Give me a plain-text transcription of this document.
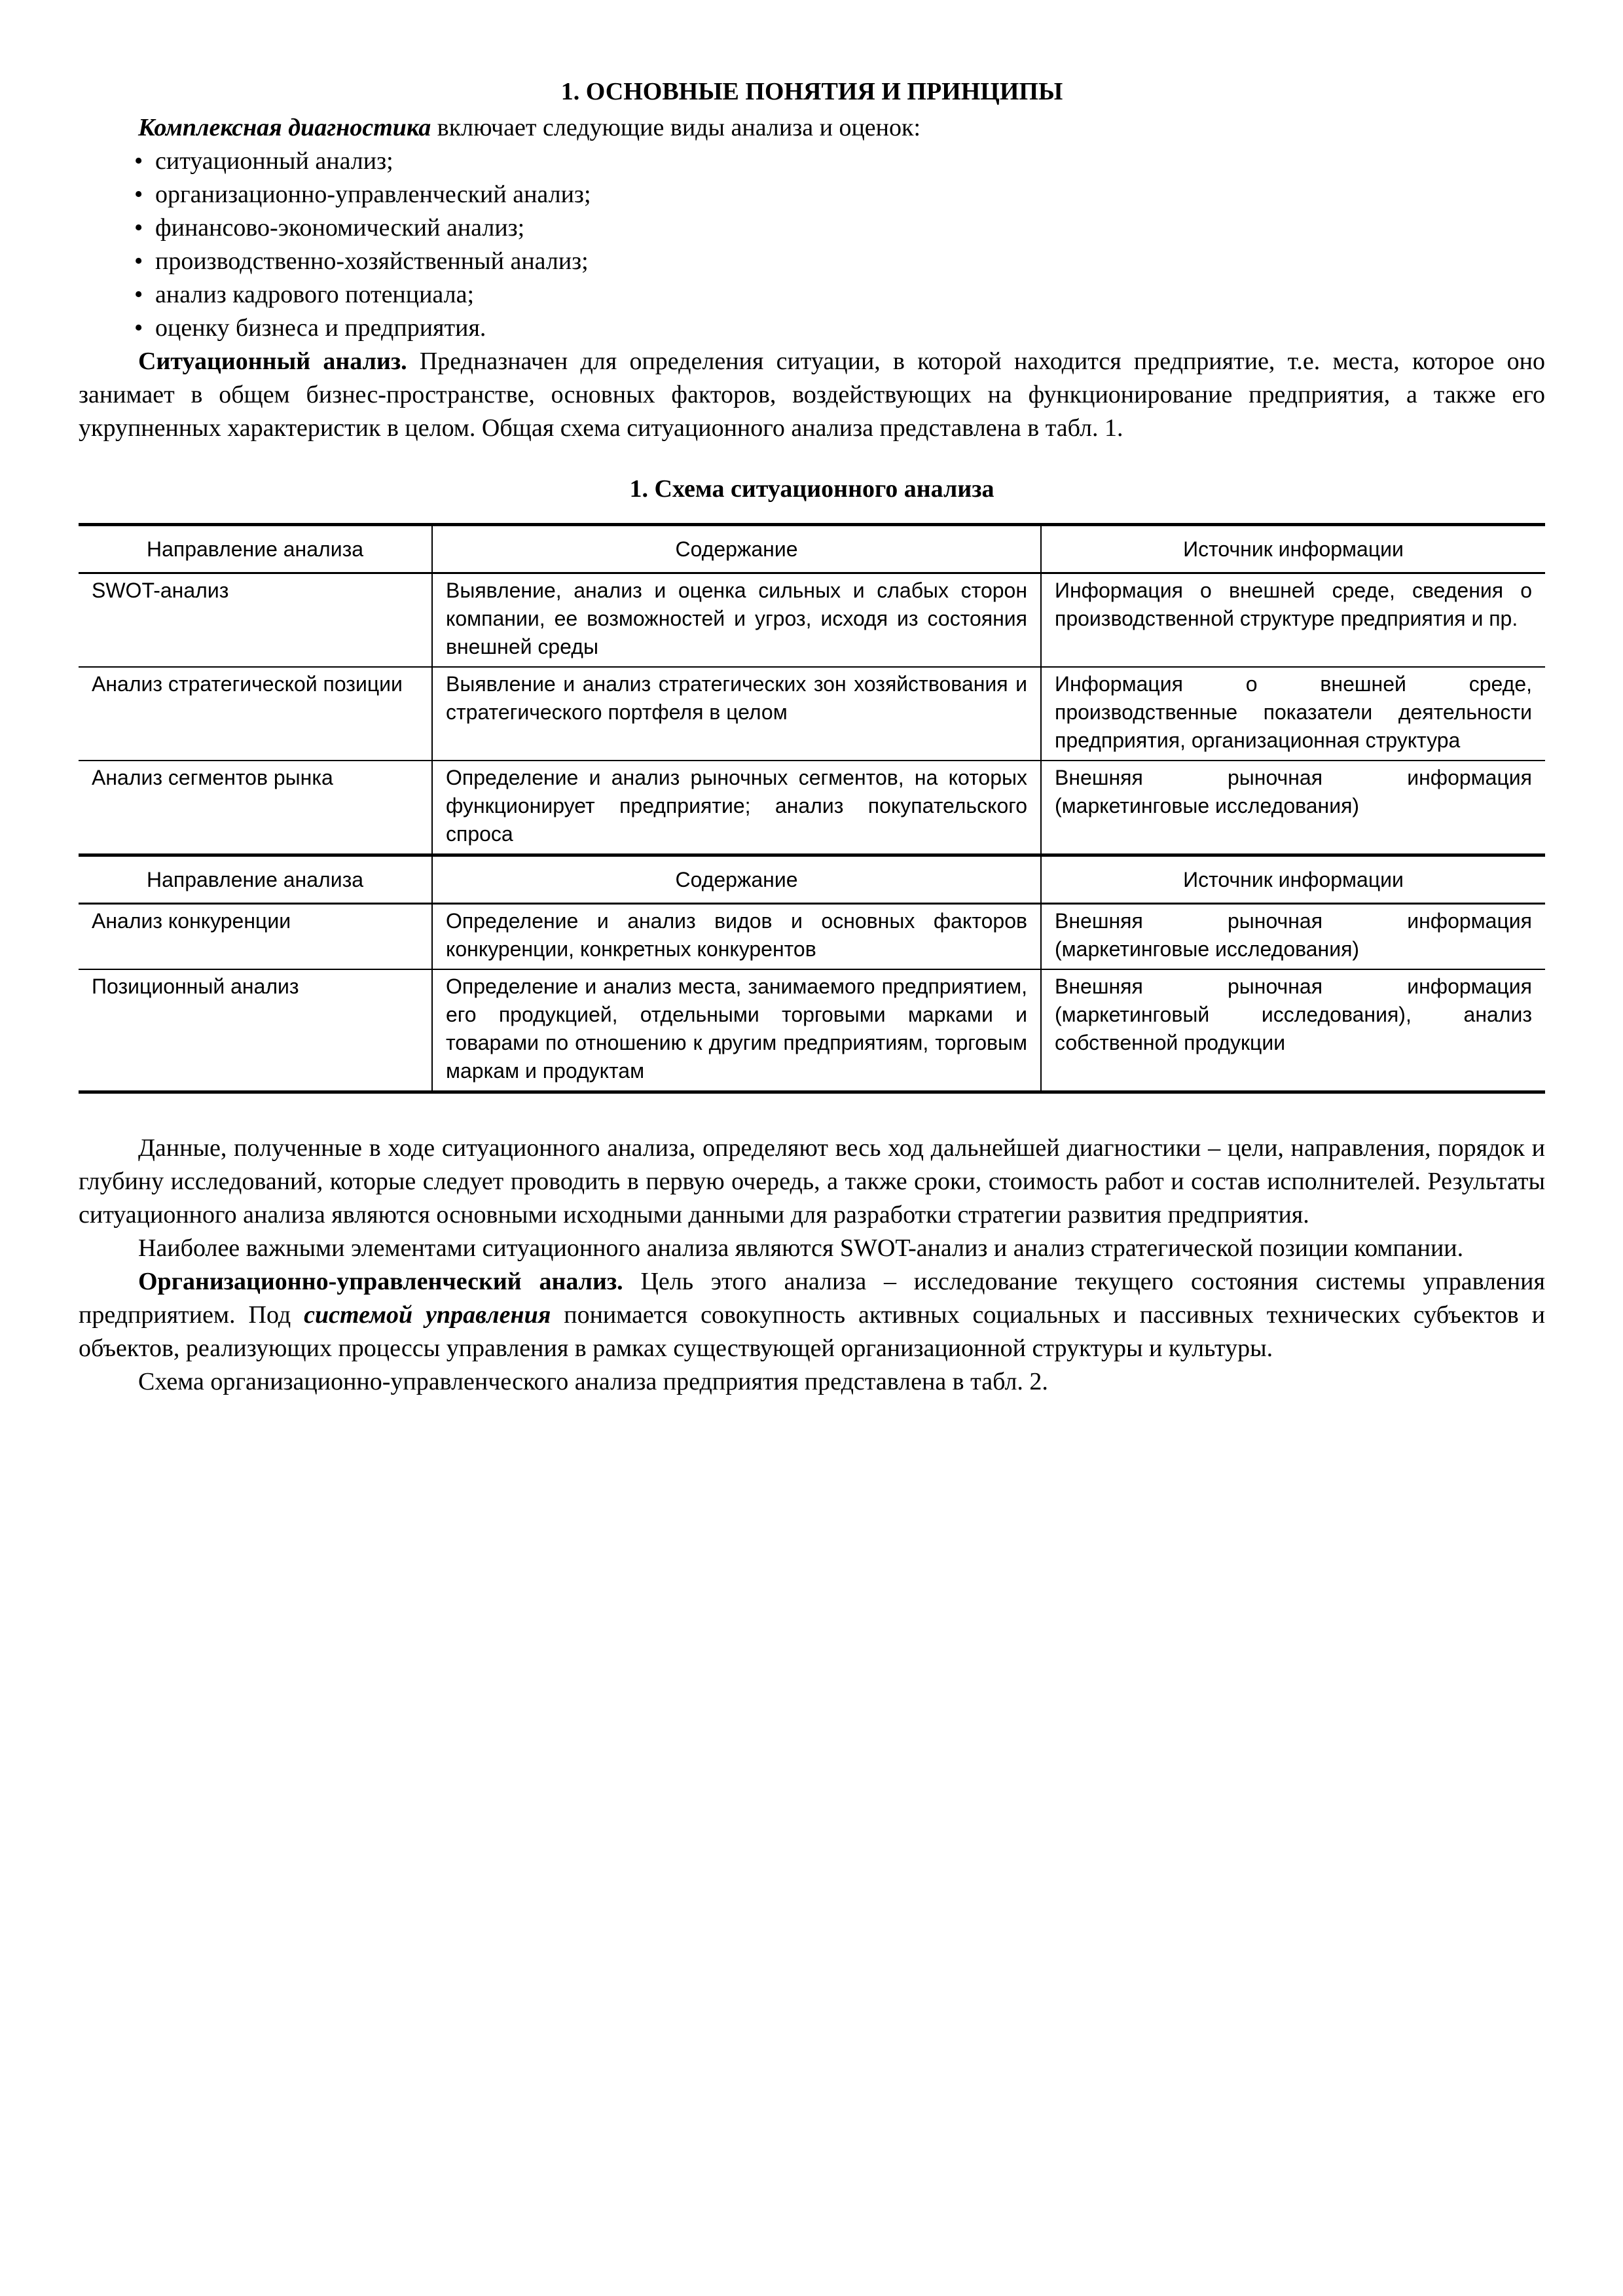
1. ОСНОВНЫЕ ПОНЯТИЯ И ПРИНЦИПЫ

Комплексная диагностика включает следующие виды анализа и оценок:

• ситуационный анализ;
• организационно-управленческий анализ;
• финансово-экономический анализ;
• производственно-хозяйственный анализ;
• анализ кадрового потенциала;
• оценку бизнеса и предприятия.

Ситуационный анализ. Предназначен для определения ситуации, в которой находится предприятие, т.е. места, которое оно занимает в общем бизнес-пространстве, основных факторов, воздействующих на функционирование предприятия, а также его укрупненных характеристик в целом. Общая схема ситуационного анализа представлена в табл. 1.

1. Схема ситуационного анализа
Направление анализа	Содержание	Источник информации
SWOT-анализ	Выявление, анализ и оценка сильных и слабых сторон компании, ее возможностей и угроз, исходя из состояния внешней среды	Информация о внешней среде, сведения о производственной структуре предприятия и пр.
Анализ стратегической позиции	Выявление и анализ стратегических зон хозяйствования и стратегического портфеля в целом	Информация о внешней среде, производственные показатели деятельности предприятия, организационная структура
Анализ сегментов рынка	Определение и анализ рыночных сегментов, на которых функционирует предприятие; анализ покупательского спроса	Внешняя рыночная информация (маркетинговые исследования)
Направление анализа	Содержание	Источник информации
Анализ конкуренции	Определение и анализ видов и основных факторов конкуренции, конкретных конкурентов	Внешняя рыночная информация (маркетинговые исследования)
Позиционный анализ	Определение и анализ места, занимаемого предприятием, его продукцией, отдельными торговыми марками и товарами по отношению к другим предприятиям, торговым маркам и продуктам	Внешняя рыночная информация (маркетинговый исследования), анализ собственной продукции

Данные, полученные в ходе ситуационного анализа, определяют весь ход дальнейшей диагностики – цели, направления, порядок и глубину исследований, которые следует проводить в первую очередь, а также сроки, стоимость работ и состав исполнителей. Результаты ситуационного анализа являются основными исходными данными для разработки стратегии развития предприятия.

Наиболее важными элементами ситуационного анализа являются SWOT-анализ и анализ стратегической позиции компании.

Организационно-управленческий анализ. Цель этого анализа – исследование текущего состояния системы управления предприятием. Под системой управления понимается совокупность активных социальных и пассивных технических субъектов и объектов, реализующих процессы управления в рамках существующей организационной структуры и культуры.

Схема организационно-управленческого анализа предприятия представлена в табл. 2.
